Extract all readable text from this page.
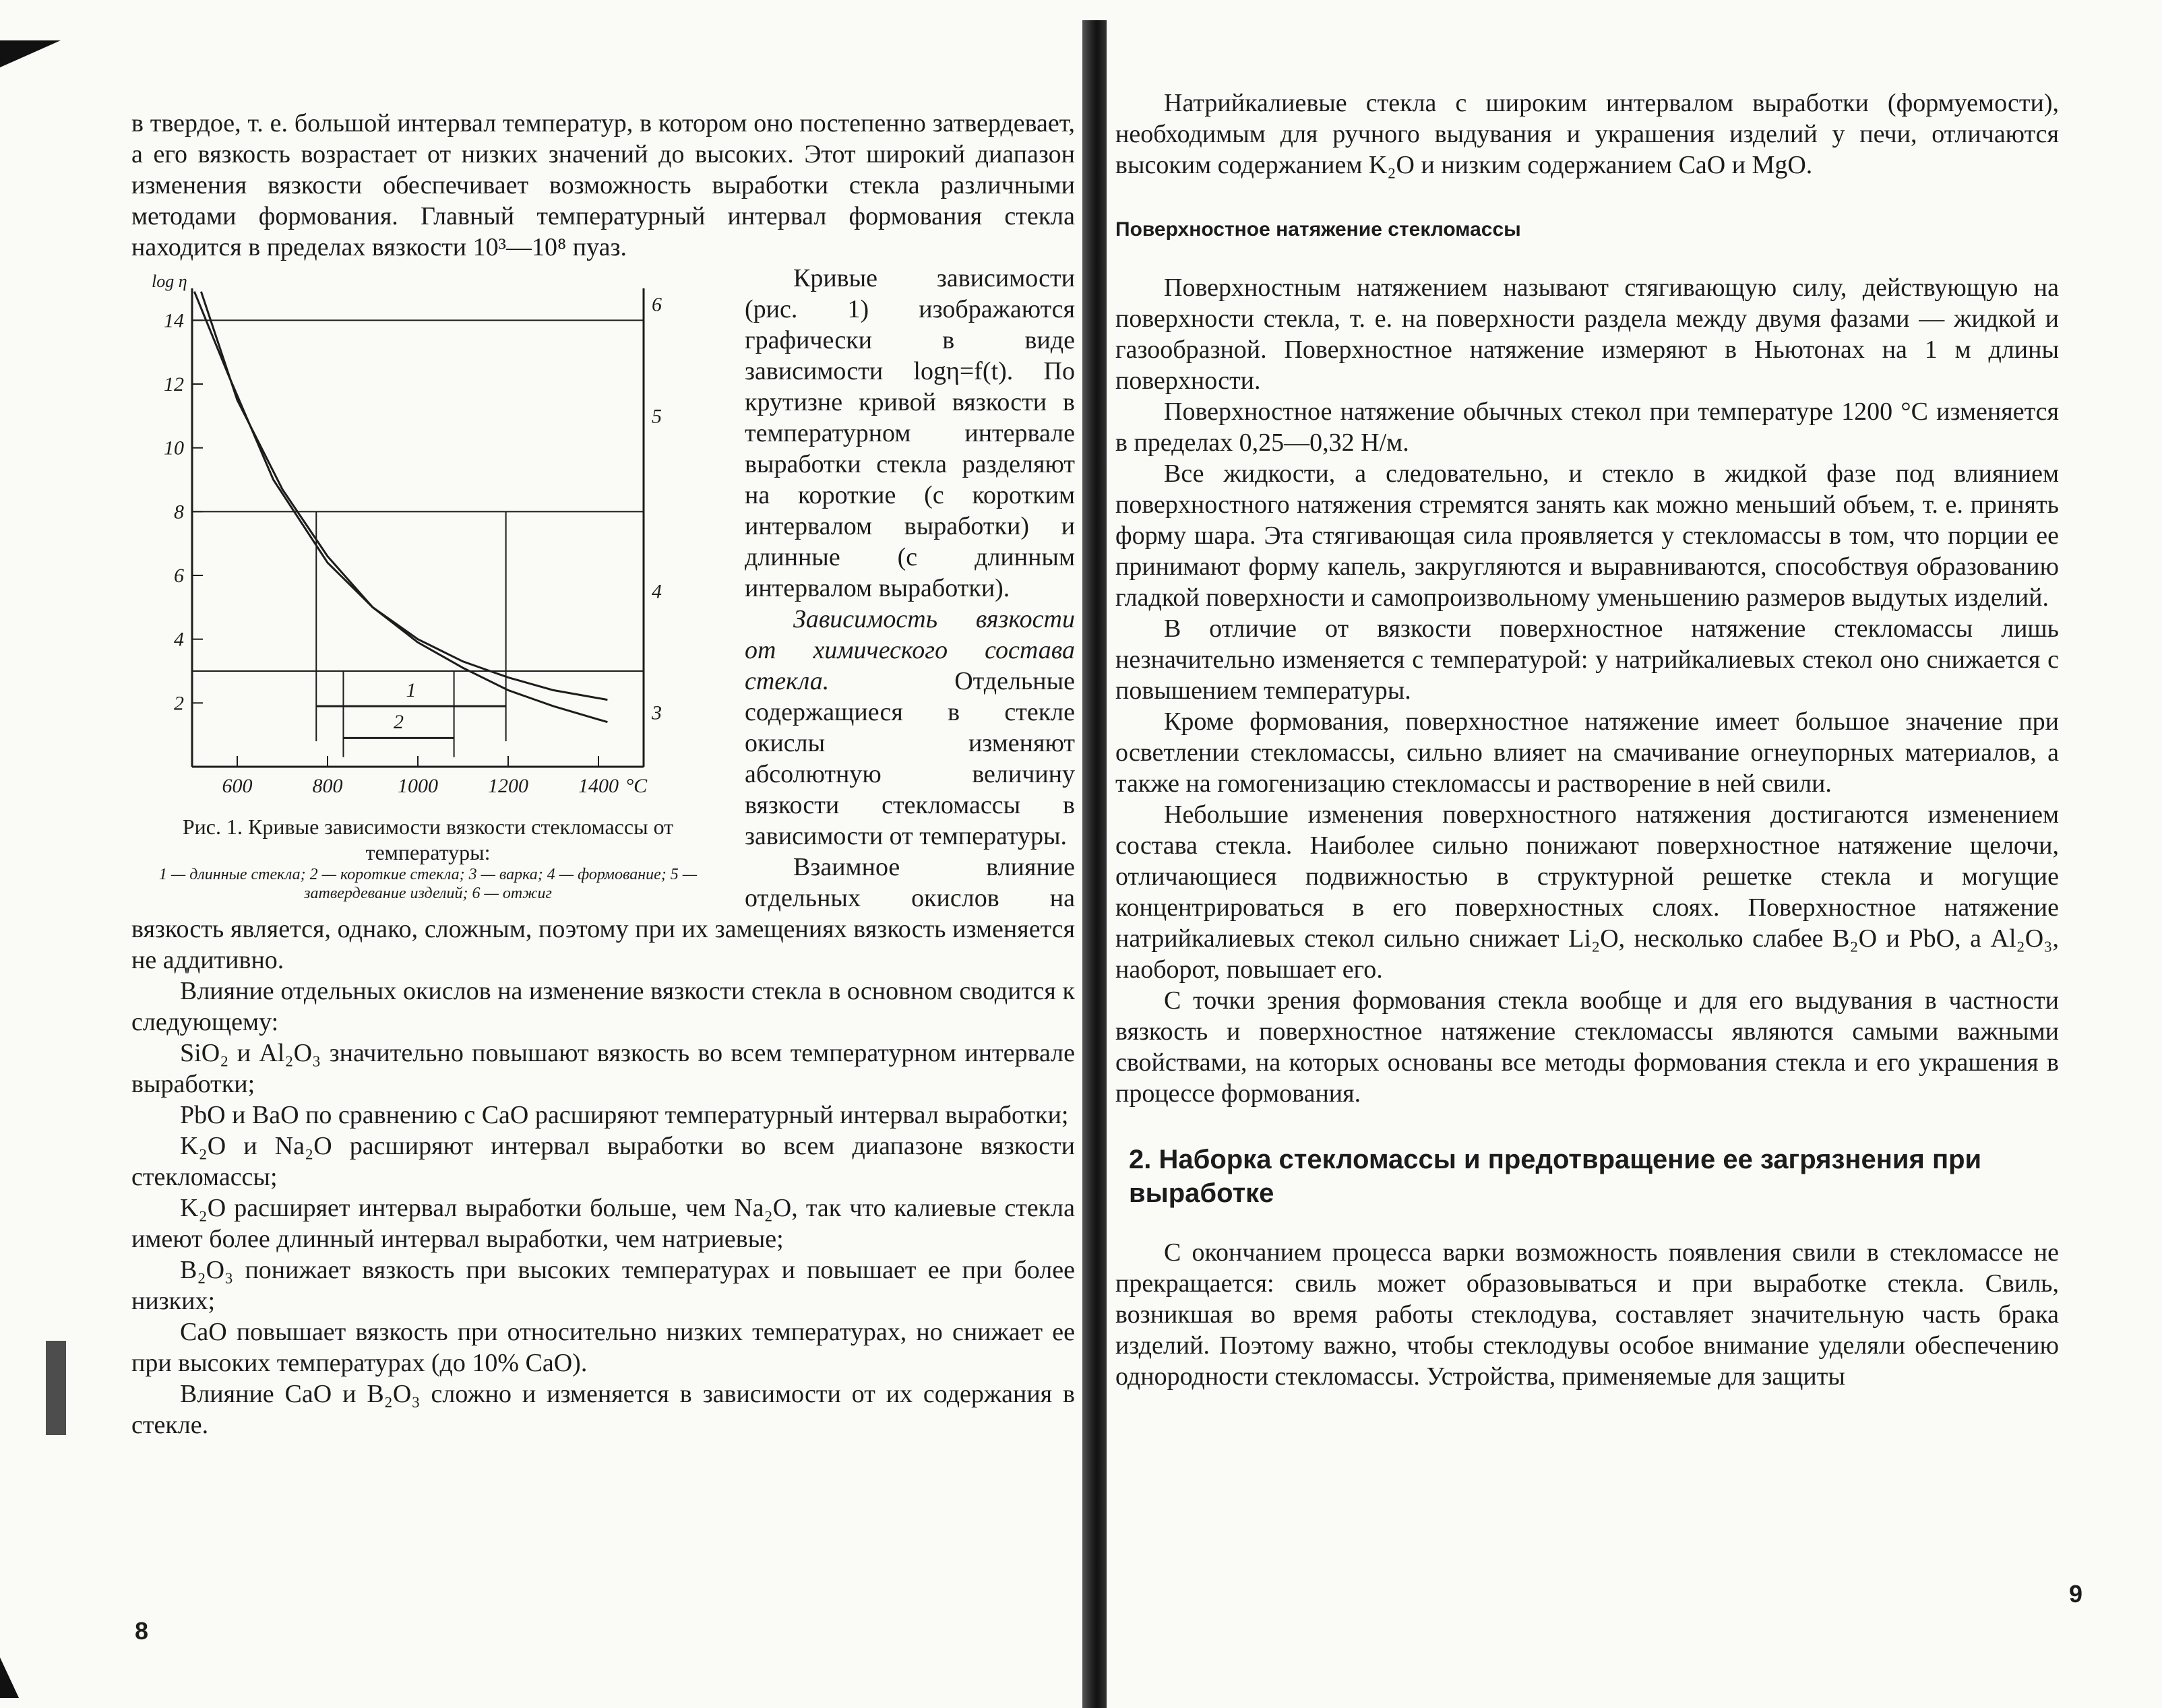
в твердое, т. е. большой интервал температур, в котором оно постепенно затвердевает, а его вязкость возрастает от низких значений до высоких. Этот широкий диапазон изменения вязкости обеспечивает возможность выработки стекла различными методами формования. Главный температурный интервал формования стекла находится в пределах вязкости 10³—10⁸ пуаз.

2
4
6
8
10
12
14
600	800	1000 1200 1400
log η
°C
1
2
6
5
4
3
Рис. 1. Кривые зависимости вязкости стекломассы от температуры:
1 — длинные стекла; 2 — короткие стекла; 3 — варка; 4 — формование; 5 — затвердевание изделий; 6 — отжиг

Кривые зависимости (рис. 1) изображаются графически в виде зависимости logη=f(t). По крутизне кривой вязкости в температурном интервале выработки стекла разделяют на короткие (с коротким интервалом выработки) и длинные (с длинным интервалом выработки).

Зависимость вязкости от химического состава стекла.	Отдельные содержащиеся в стекле окислы изменяют абсолютную величину вязкости стекломассы в зависимости от температуры.

Взаимное влияние отдельных окислов на вязкость является, однако, сложным, поэтому при их замещениях вязкость изменяется не аддитивно.

Влияние отдельных окислов на изменение вязкости стекла в основном сводится к следующему:

SiO₂ и Al₂O₃ значительно повышают вязкость во всем температурном интервале выработки;

PbO и BaO по сравнению с CaO расширяют температурный интервал выработки;

K₂O и Na₂O расширяют интервал выработки во всем диапазоне вязкости стекломассы;

K₂O расширяет интервал выработки больше, чем Na₂O, так что калиевые стекла имеют более длинный интервал выработки, чем натриевые;

B₂O₃ понижает вязкость при высоких температурах и повышает ее при более низких;

CaO повышает вязкость при относительно низких температурах, но снижает ее при высоких температурах (до 10% CaO).

Влияние CaO и B₂O₃ сложно и изменяется в зависимости от их содержания в стекле.

8

Натрийкалиевые стекла с широким интервалом выработки (формуемости), необходимым для ручного выдувания и украшения изделий у печи, отличаются высоким содержанием K₂O и низким содержанием CaO и MgO.

Поверхностное натяжение стекломассы

Поверхностным натяжением называют стягивающую силу, действующую на поверхности стекла, т. е. на поверхности раздела между двумя фазами — жидкой и газообразной. Поверхностное натяжение измеряют в Ньютонах на 1 м длины поверхности.

Поверхностное натяжение обычных стекол при температуре 1200 °C изменяется в пределах 0,25—0,32 Н/м.

Все жидкости, а следовательно, и стекло в жидкой фазе под влиянием поверхностного натяжения стремятся занять как можно меньший объем, т. е. принять форму шара. Эта стягивающая сила проявляется у стекломассы в том, что порции ее принимают форму капель, закругляются и выравниваются, способствуя образованию гладкой поверхности и самопроизвольному уменьшению размеров выдутых изделий.

В отличие от вязкости поверхностное натяжение стекломассы лишь незначительно изменяется с температурой: у натрийкалиевых стекол оно снижается с повышением температуры.

Кроме формования, поверхностное натяжение имеет большое значение при осветлении стекломассы, сильно влияет на смачивание огнеупорных материалов, а также на гомогенизацию стекломассы и растворение в ней свили.

Небольшие изменения поверхностного натяжения достигаются изменением состава стекла. Наиболее сильно понижают поверхностное натяжение щелочи, отличающиеся подвижностью в структурной решетке стекла и могущие концентрироваться в его поверхностных слоях. Поверхностное натяжение натрийкалиевых стекол сильно снижает Li₂O, несколько слабее B₂O и PbO, а Al₂O₃, наоборот, повышает его.

С точки зрения формования стекла вообще и для его выдувания в частности вязкость и поверхностное натяжение стекломассы являются самыми важными свойствами, на которых основаны все методы формования стекла и его украшения в процессе формования.

2. Наборка стекломассы и предотвращение ее загрязнения при выработке

С окончанием процесса варки возможность появления свили в стекломассе не прекращается: свиль может образовываться и при выработке стекла. Свиль, возникшая во время работы стеклодува, составляет значительную часть брака изделий. Поэтому важно, чтобы стеклодувы особое внимание уделяли обеспечению однородности стекломассы. Устройства, применяемые для защиты

9
